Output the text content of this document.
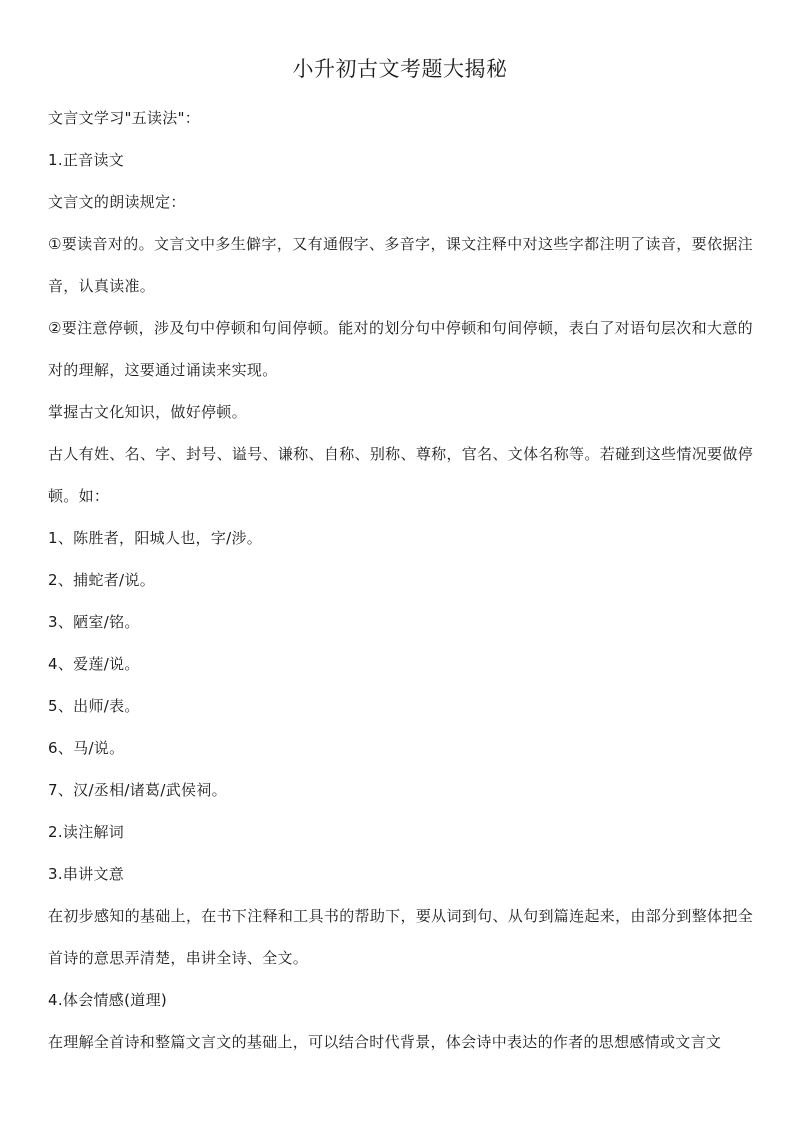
小升初古文考题大揭秘

文言文学习"五读法"：

1.正音读文

文言文的朗读规定：

①要读音对的。文言文中多生僻字，又有通假字、多音字，课文注释中对这些字都注明了读音，要依据注音，认真读准。

②要注意停顿，涉及句中停顿和句间停顿。能对的划分句中停顿和句间停顿，表白了对语句层次和大意的对的理解，这要通过诵读来实现。

掌握古文化知识，做好停顿。

古人有姓、名、字、封号、谥号、谦称、自称、别称、尊称，官名、文体名称等。若碰到这些情况要做停顿。如：

1、陈胜者，阳城人也，字/涉。

2、捕蛇者/说。

3、陋室/铭。

4、爱莲/说。

5、出师/表。

6、马/说。

7、汉/丞相/诸葛/武侯祠。

2.读注解词

3.串讲文意

在初步感知的基础上，在书下注释和工具书的帮助下，要从词到句、从句到篇连起来，由部分到整体把全首诗的意思弄清楚，串讲全诗、全文。

4.体会情感(道理)

在理解全首诗和整篇文言文的基础上，可以结合时代背景，体会诗中表达的作者的思想感情或文言文
